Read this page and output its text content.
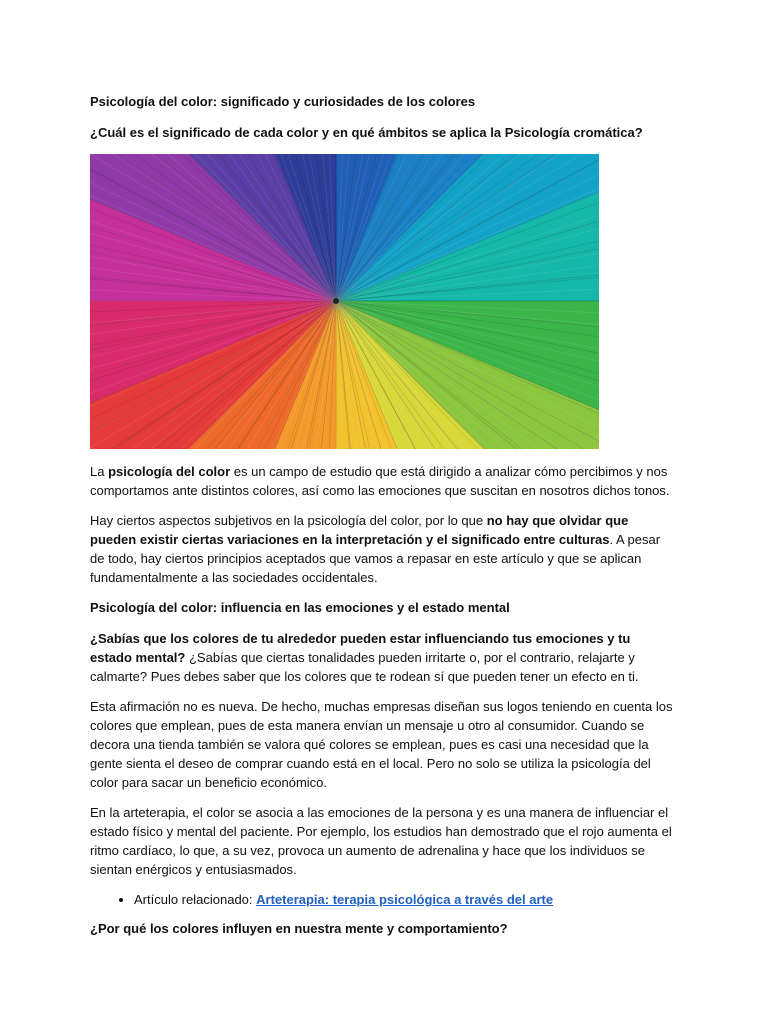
Psicología del color: significado y curiosidades de los colores
¿Cuál es el significado de cada color y en qué ámbitos se aplica la Psicología cromática?

La psicología del color es un campo de estudio que está dirigido a analizar cómo percibimos y nos comportamos ante distintos colores, así como las emociones que suscitan en nosotros dichos tonos.

Hay ciertos aspectos subjetivos en la psicología del color, por lo que no hay que olvidar que pueden existir ciertas variaciones en la interpretación y el significado entre culturas. A pesar de todo, hay ciertos principios aceptados que vamos a repasar en este artículo y que se aplican fundamentalmente a las sociedades occidentales.

Psicología del color: influencia en las emociones y el estado mental

¿Sabías que los colores de tu alrededor pueden estar influenciando tus emociones y tu estado mental? ¿Sabías que ciertas tonalidades pueden irritarte o, por el contrario, relajarte y calmarte? Pues debes saber que los colores que te rodean sí que pueden tener un efecto en ti.

Esta afirmación no es nueva. De hecho, muchas empresas diseñan sus logos teniendo en cuenta los colores que emplean, pues de esta manera envían un mensaje u otro al consumidor. Cuando se decora una tienda también se valora qué colores se emplean, pues es casi una necesidad que la gente sienta el deseo de comprar cuando está en el local. Pero no solo se utiliza la psicología del color para sacar un beneficio económico.

En la arteterapia, el color se asocia a las emociones de la persona y es una manera de influenciar el estado físico y mental del paciente. Por ejemplo, los estudios han demostrado que el rojo aumenta el ritmo cardíaco, lo que, a su vez, provoca un aumento de adrenalina y hace que los individuos se sientan enérgicos y entusiasmados.

• Artículo relacionado: Arteterapia: terapia psicológica a través del arte
¿Por qué los colores influyen en nuestra mente y comportamiento?
